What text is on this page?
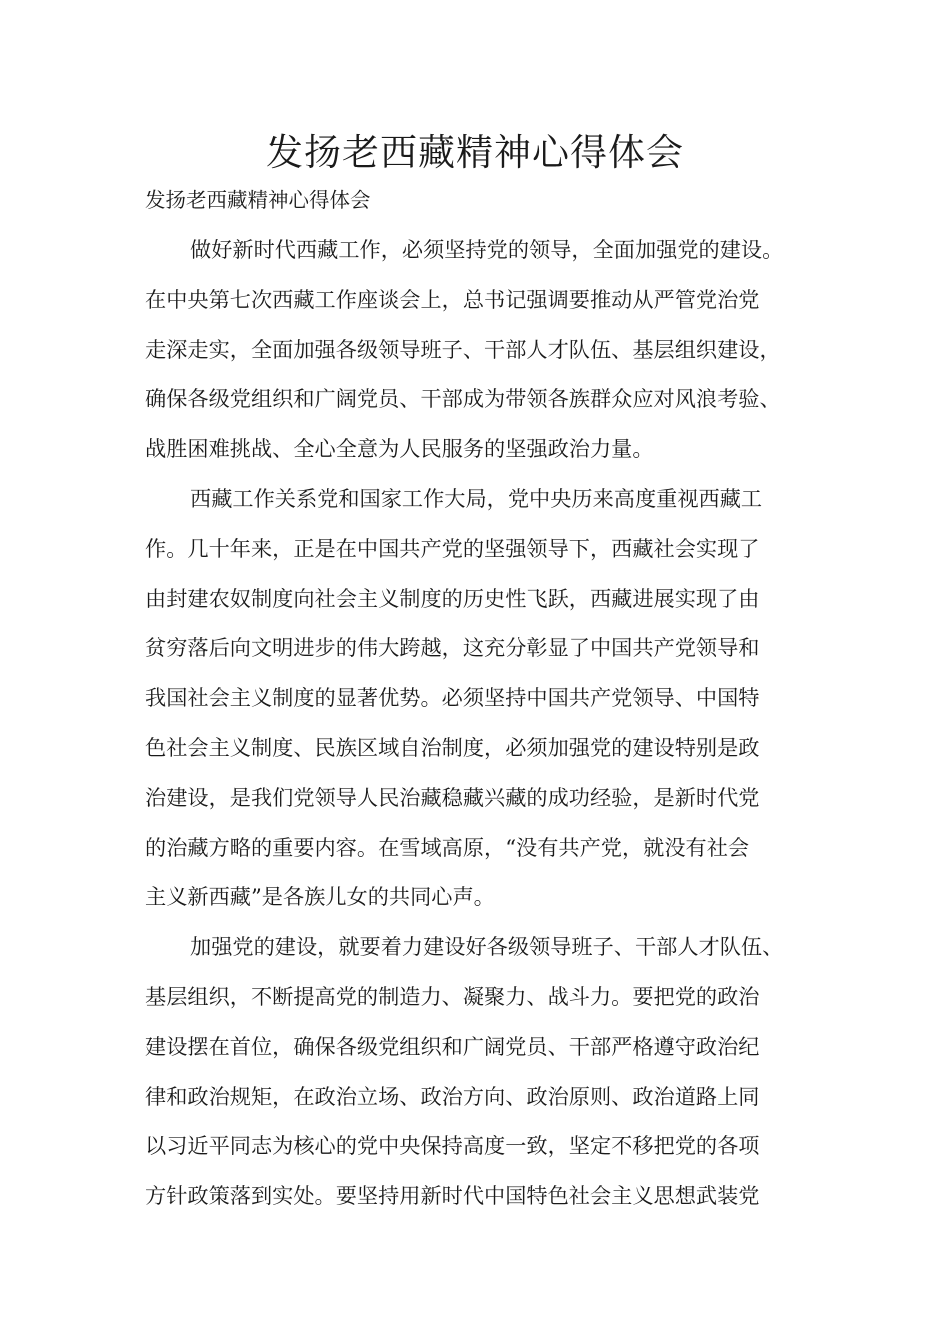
发扬老西藏精神心得体会

发扬老西藏精神心得体会

做好新时代西藏工作，必须坚持党的领导，全面加强党的建设。
在中央第七次西藏工作座谈会上，总书记强调要推动从严管党治党
走深走实，全面加强各级领导班子、干部人才队伍、基层组织建设，
确保各级党组织和广阔党员、干部成为带领各族群众应对风浪考验、
战胜困难挑战、全心全意为人民服务的坚强政治力量。
西藏工作关系党和国家工作大局，党中央历来高度重视西藏工
作。几十年来，正是在中国共产党的坚强领导下，西藏社会实现了
由封建农奴制度向社会主义制度的历史性飞跃，西藏进展实现了由
贫穷落后向文明进步的伟大跨越，这充分彰显了中国共产党领导和
我国社会主义制度的显著优势。必须坚持中国共产党领导、中国特
色社会主义制度、民族区域自治制度，必须加强党的建设特别是政
治建设，是我们党领导人民治藏稳藏兴藏的成功经验，是新时代党
的治藏方略的重要内容。在雪域高原，“没有共产党，就没有社会
主义新西藏”是各族儿女的共同心声。
加强党的建设，就要着力建设好各级领导班子、干部人才队伍、
基层组织，不断提高党的制造力、凝聚力、战斗力。要把党的政治
建设摆在首位，确保各级党组织和广阔党员、干部严格遵守政治纪
律和政治规矩，在政治立场、政治方向、政治原则、政治道路上同
以习近平同志为核心的党中央保持高度一致，坚定不移把党的各项
方针政策落到实处。要坚持用新时代中国特色社会主义思想武装党
